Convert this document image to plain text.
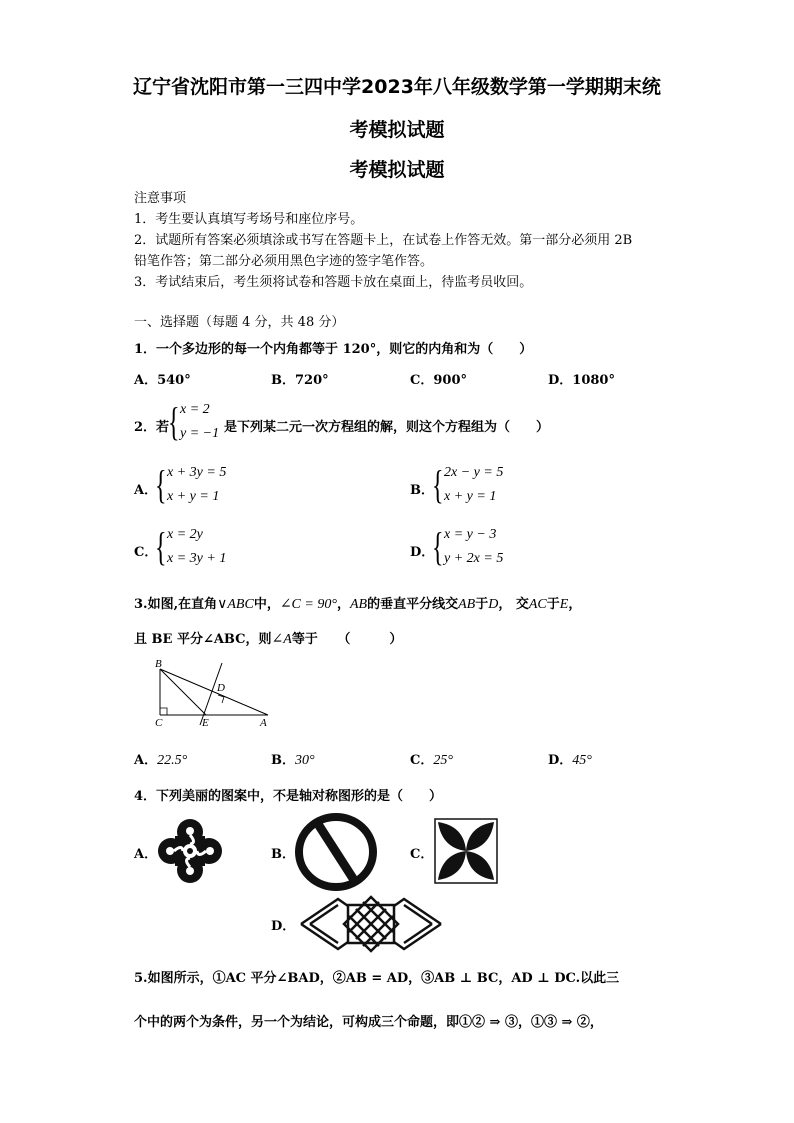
辽宁省沈阳市第一三四中学2023年八年级数学第一学期期末统
考模拟试题
考模拟试题
注意事项
1．考生要认真填写考场号和座位序号。
2．试题所有答案必须填涂或书写在答题卡上，在试卷上作答无效。第一部分必须用 2B
铅笔作答；第二部分必须用黑色字迹的签字笔作答。
3．考试结束后，考生须将试卷和答题卡放在桌面上，待监考员收回。
一、选择题（每题 4 分，共 48 分）
1．一个多边形的每一个内角都等于 120°，则它的内角和为（　　）
A．540°	B．720°	C．900°	D．1080°
2．若
{ x = 2
y = −1 是下列某二元一次方程组的解，则这个方程组为（　　）
A．
{ x + 3y = 5
x + y = 1	B．
{ 2x − y = 5
x + y = 1
C．
{ x = 2y
x = 3y + 1	D．
{ x = y − 3
y + 2x = 5
3.如图,在直角∨ABC中，∠C = 90°，AB的垂直平分线交AB于D， 交AC于E，
且 BE 平分∠ABC，则∠A等于　　（　　　）
B
C	E	A
D
A．22.5°	B．30°	C．25°	D．45°
4．下列美丽的图案中，不是轴对称图形的是（　　）
A．	B．	C．
D．
5.如图所示，①AC 平分∠BAD，②AB = AD，③AB ⊥ BC，AD ⊥ DC.以此三
个中的两个为条件，另一个为结论，可构成三个命题，即①② ⇒ ③，①③ ⇒ ②，
